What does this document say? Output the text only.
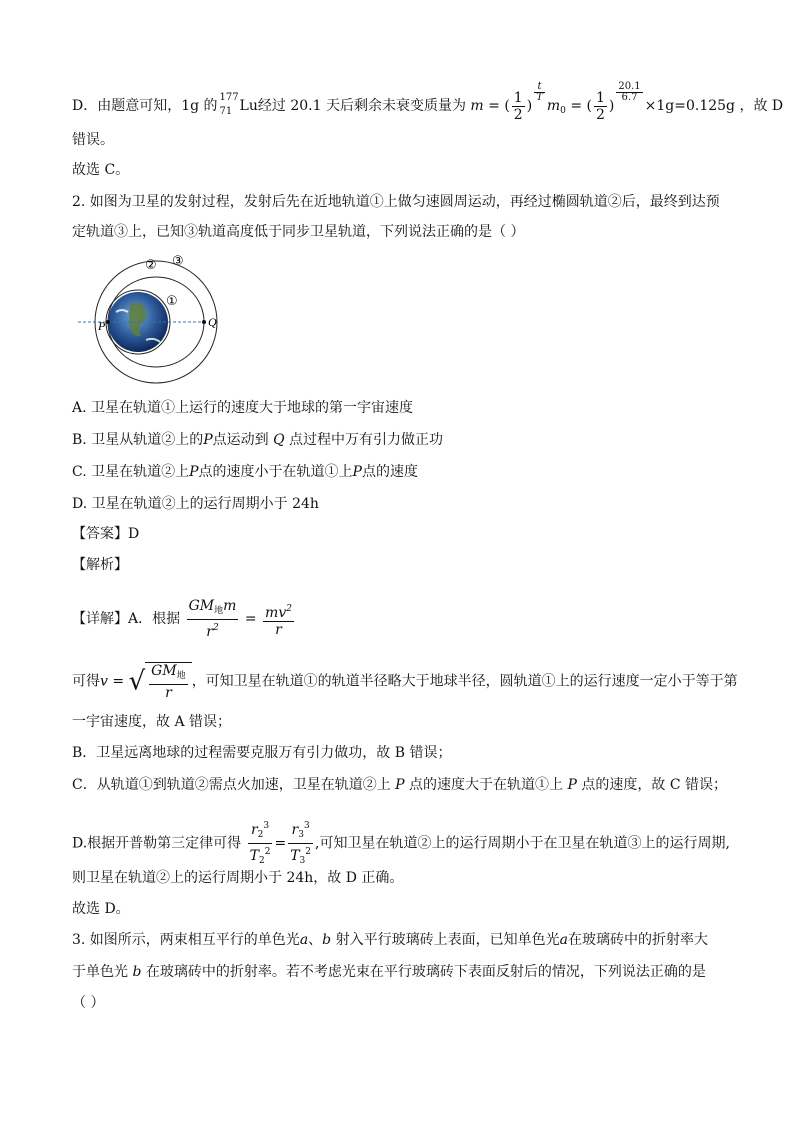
D．由题意可知，1g 的
177
71 Lu经过 20.1 天后剩余未衰变质量为 m = ( $\frac{1}{2}$ )
$\frac{t}{T}$
$m_0$ = ( $\frac{1}{2}$ )
$\frac{20.1}{6.7}$
×1g=0.125g ，故 D
错误。
故选 C。
2. 如图为卫星的发射过程，发射后先在近地轨道①上做匀速圆周运动，再经过椭圆轨道②后，最终到达预
定轨道③上，已知③轨道高度低于同步卫星轨道，下列说法正确的是（ ）
P	Q
①
② ③
A. 卫星在轨道①上运行的速度大于地球的第一宇宙速度
B. 卫星从轨道②上的P点运动到 Q 点过程中万有引力做正功
C. 卫星在轨道②上P点的速度小于在轨道①上P点的速度
D. 卫星在轨道②上的运行周期小于 24h
【答案】D
【解析】
【详解】A．根据 $\frac{GM_地m}{r^2} = \frac{mv^2}{r}$
可得v = √ $\frac{GM_地}{r}$ ，可知卫星在轨道①的轨道半径略大于地球半径，圆轨道①上的运行速度一定小于等于第
一宇宙速度，故 A 错误；
B．卫星远离地球的过程需要克服万有引力做功，故 B 错误；
C．从轨道①到轨道②需点火加速，卫星在轨道②上 P 点的速度大于在轨道①上 P 点的速度，故 C 错误；
D.根据开普勒第三定律可得 $\frac{r_2^3}{T_2^2} = \frac{r_3^3}{T_3^2}$ ,可知卫星在轨道②上的运行周期小于在卫星在轨道③上的运行周期,
则卫星在轨道②上的运行周期小于 24h，故 D 正确。
故选 D。
3. 如图所示，两束相互平行的单色光a、b 射入平行玻璃砖上表面，已知单色光a在玻璃砖中的折射率大
于单色光 b 在玻璃砖中的折射率。若不考虑光束在平行玻璃砖下表面反射后的情况，下列说法正确的是
（ ）
